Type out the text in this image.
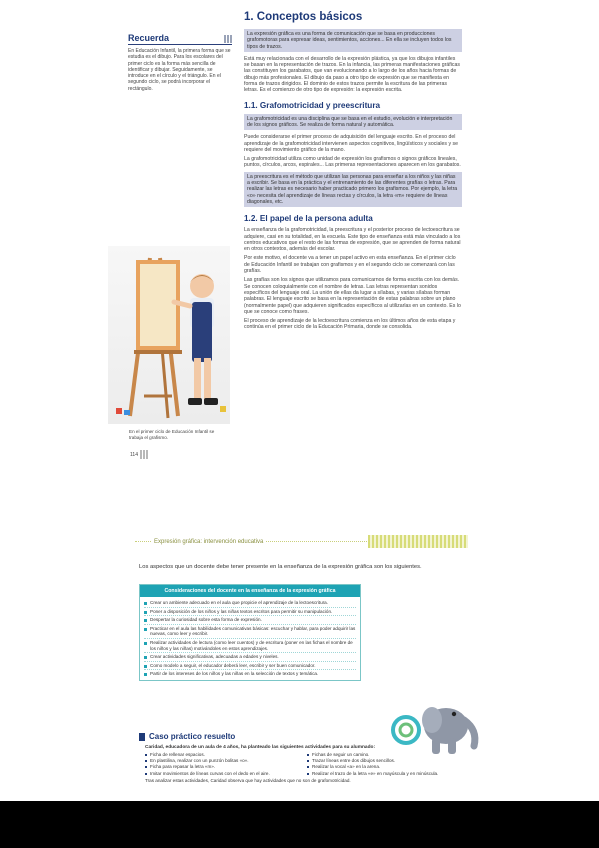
Recuerda
En Educación Infantil, la primera forma que se estudia es el dibujo. Para los escolares del primer ciclo es la forma más sencilla de identificar y dibujar. Seguidamente, se introduce en el círculo y el triángulo. En el segundo ciclo, se podrá incorporar el rectángulo.
En el primer ciclo de Educación Infantil se trabaja el grafismo.
114
1. Conceptos básicos
La expresión gráfica es una forma de comunicación que se basa en producciones grafomotoras para expresar ideas, sentimientos, acciones... En ella se incluyen todos los tipos de trazos.

Está muy relacionada con el desarrollo de la expresión plástica, ya que los dibujos infantiles se basan en la representación de trazos. En la infancia, las primeras manifestaciones gráficas las constituyen los garabatos, que van evolucionando a lo largo de los años hacia formas de dibujo más profesionales. El dibujo da paso a otro tipo de expresión que se manifiesta en forma de trazos dirigidos. El dominio de estos trazos permite la escritura de las primeras letras. Es el comienzo de otro tipo de expresión: la expresión escrita.

1.1. Grafomotricidad y preescritura
La grafomotricidad es una disciplina que se basa en el estudio, evolución e interpretación de los signos gráficos. Se realiza de forma natural y automática.

Puede considerarse el primer proceso de adquisición del lenguaje escrito. En el proceso del aprendizaje de la grafomotricidad intervienen aspectos cognitivos, lingüísticos y sociales y se requiere del movimiento gráfico de la mano.

La grafomotricidad utiliza como unidad de expresión los grafismos o signos gráficos lineales, puntos, círculos, arcos, espirales... Las primeras representaciones aparecen en los garabatos.

La preescritura es el método que utilizan las personas para enseñar a los niños y las niñas a escribir. Se basa en la práctica y el entrenamiento de las diferentes grafías o letras. Para realizar las letras es necesario haber practicado primero los grafismos. Por ejemplo, la letra «o» necesita del aprendizaje de líneas rectas y círculos, la letra «m» requiere de líneas diagonales, etc.
1.2. El papel de la persona adulta

La enseñanza de la grafomotricidad, la preescritura y el posterior proceso de lectoescritura se adquiere, casi en su totalidad, en la escuela. Este tipo de enseñanza está más vinculado a los centros educativos que el resto de las formas de expresión, que se aprenden de forma natural en otros contextos, además del escolar.

Por este motivo, el docente va a tener un papel activo en esta enseñanza. En el primer ciclo de Educación Infantil se trabajan con grafismos y en el segundo ciclo se comenzará con las grafías.

Las grafías son los signos que utilizamos para comunicarnos de forma escrita con los demás. Se conocen coloquialmente con el nombre de letras. Las letras representan sonidos específicos del lenguaje oral. La unión de ellas da lugar a sílabas, y varias sílabas forman palabras. El lenguaje escrito se basa en la representación de estas palabras sobre un plano (normalmente papel) que adquieren significados específicos al utilizarlas en un contexto. Es lo que se conoce como frases.

El proceso de aprendizaje de la lectoescritura comienza en los últimos años de esta etapa y continúa en el primer ciclo de la Educación Primaria, donde se consolida.

Expresión gráfica: intervención educativa
Los aspectos que un docente debe tener presente en la enseñanza de la expresión gráfica son los siguientes.
Consideraciones del docente en la enseñanza de la expresión gráfica
Crear un ambiente adecuado en el aula que propicie el aprendizaje de la lectoescritura.
Poner a disposición de los niños y las niñas textos escritos para permitir su manipulación.
Despertar la curiosidad sobre esta forma de expresión.
Practicar en el aula las habilidades comunicativas básicas: escuchar y hablar, para poder adquirir las nuevas, como leer y escribir.
Realizar actividades de lectura (como leer cuentos) y de escritura (poner en las fichas el nombre de los niños y las niñas) motivándoles en estos aprendizajes.
Crear actividades significativas, adecuadas a edades y niveles.
Como modelo a seguir, el educador deberá leer, escribir y ser buen comunicador.
Partir de los intereses de los niños y las niñas en la selección de textos y temática.
Caso práctico resuelto
Caridad, educadora de un aula de 4 años, ha planteado las siguientes actividades para su alumnado:
Ficha de rellenar espacios.	Fichas de seguir un camino.
En plastilina, realizar con un punzón bolitas «o».	Trazar líneas entre dos dibujos sencillos.
Ficha para repasar la letra «m».	Realizar la vocal «a» en la arena.
Imitar movimientos de líneas curvas con el dedo en el aire.	Realizar el trazo de la letra «e» en mayúscula y en minúscula.
Tras analizar estas actividades, Caridad observa que hay actividades que no son de grafomotricidad.
